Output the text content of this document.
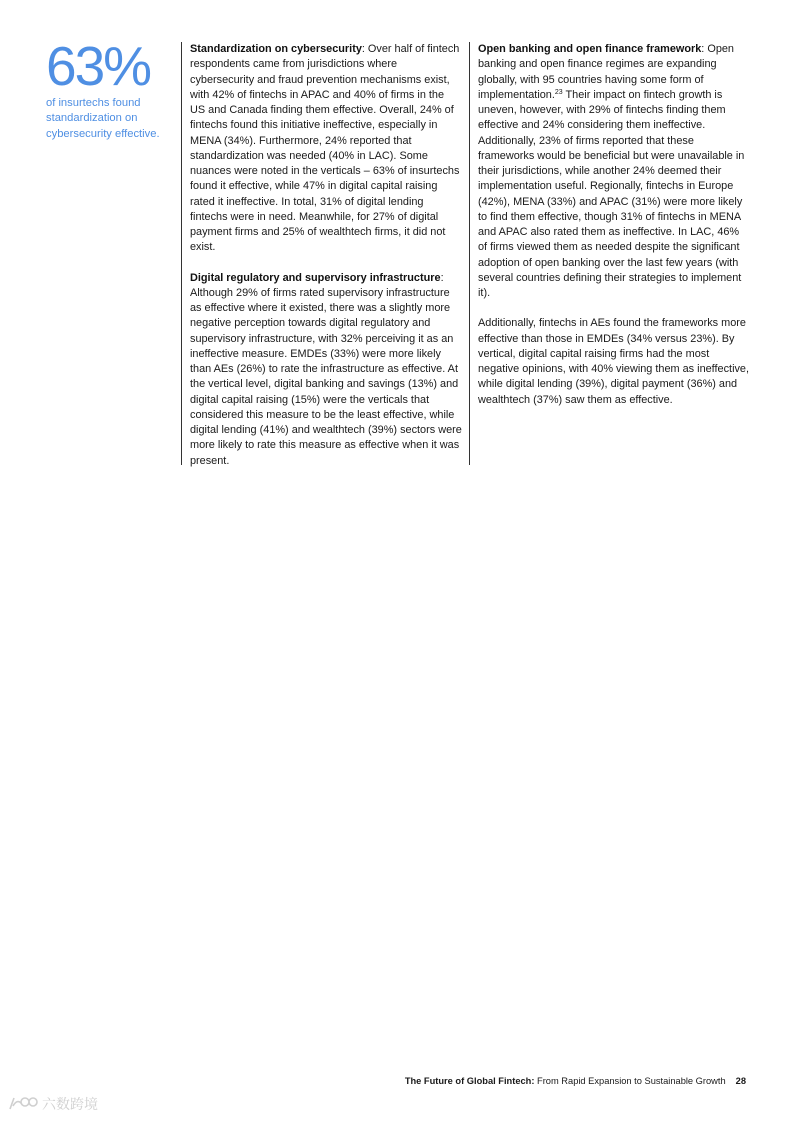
63%
of insurtechs found standardization on cybersecurity effective.

Standardization on cybersecurity: Over half of fintech respondents came from jurisdictions where cybersecurity and fraud prevention mechanisms exist, with 42% of fintechs in APAC and 40% of firms in the US and Canada finding them effective. Overall, 24% of fintechs found this initiative ineffective, especially in MENA (34%). Furthermore, 24% reported that standardization was needed (40% in LAC). Some nuances were noted in the verticals – 63% of insurtechs found it effective, while 47% in digital capital raising rated it ineffective. In total, 31% of digital lending fintechs were in need. Meanwhile, for 27% of digital payment firms and 25% of wealthtech firms, it did not exist.

Digital regulatory and supervisory infrastructure: Although 29% of firms rated supervisory infrastructure as effective where it existed, there was a slightly more negative perception towards digital regulatory and supervisory infrastructure, with 32% perceiving it as an ineffective measure. EMDEs (33%) were more likely than AEs (26%) to rate the infrastructure as effective. At the vertical level, digital banking and savings (13%) and digital capital raising (15%) were the verticals that considered this measure to be the least effective, while digital lending (41%) and wealthtech (39%) sectors were more likely to rate this measure as effective when it was present.

Open banking and open finance framework: Open banking and open finance regimes are expanding globally, with 95 countries having some form of implementation.$^{23}$ Their impact on fintech growth is uneven, however, with 29% of fintechs finding them effective and 24% considering them ineffective. Additionally, 23% of firms reported that these frameworks would be beneficial but were unavailable in their jurisdictions, while another 24% deemed their implementation useful. Regionally, fintechs in Europe (42%), MENA (33%) and APAC (31%) were more likely to find them effective, though 31% of fintechs in MENA and APAC also rated them as ineffective. In LAC, 46% of firms viewed them as needed despite the significant adoption of open banking over the last few years (with several countries defining their strategies to implement it).

Additionally, fintechs in AEs found the frameworks more effective than those in EMDEs (34% versus 23%). By vertical, digital capital raising firms had the most negative opinions, with 40% viewing them as ineffective, while digital lending (39%), digital payment (36%) and wealthtech (37%) saw them as effective.

The Future of Global Fintech: From Rapid Expansion to Sustainable Growth 28
六数跨境
